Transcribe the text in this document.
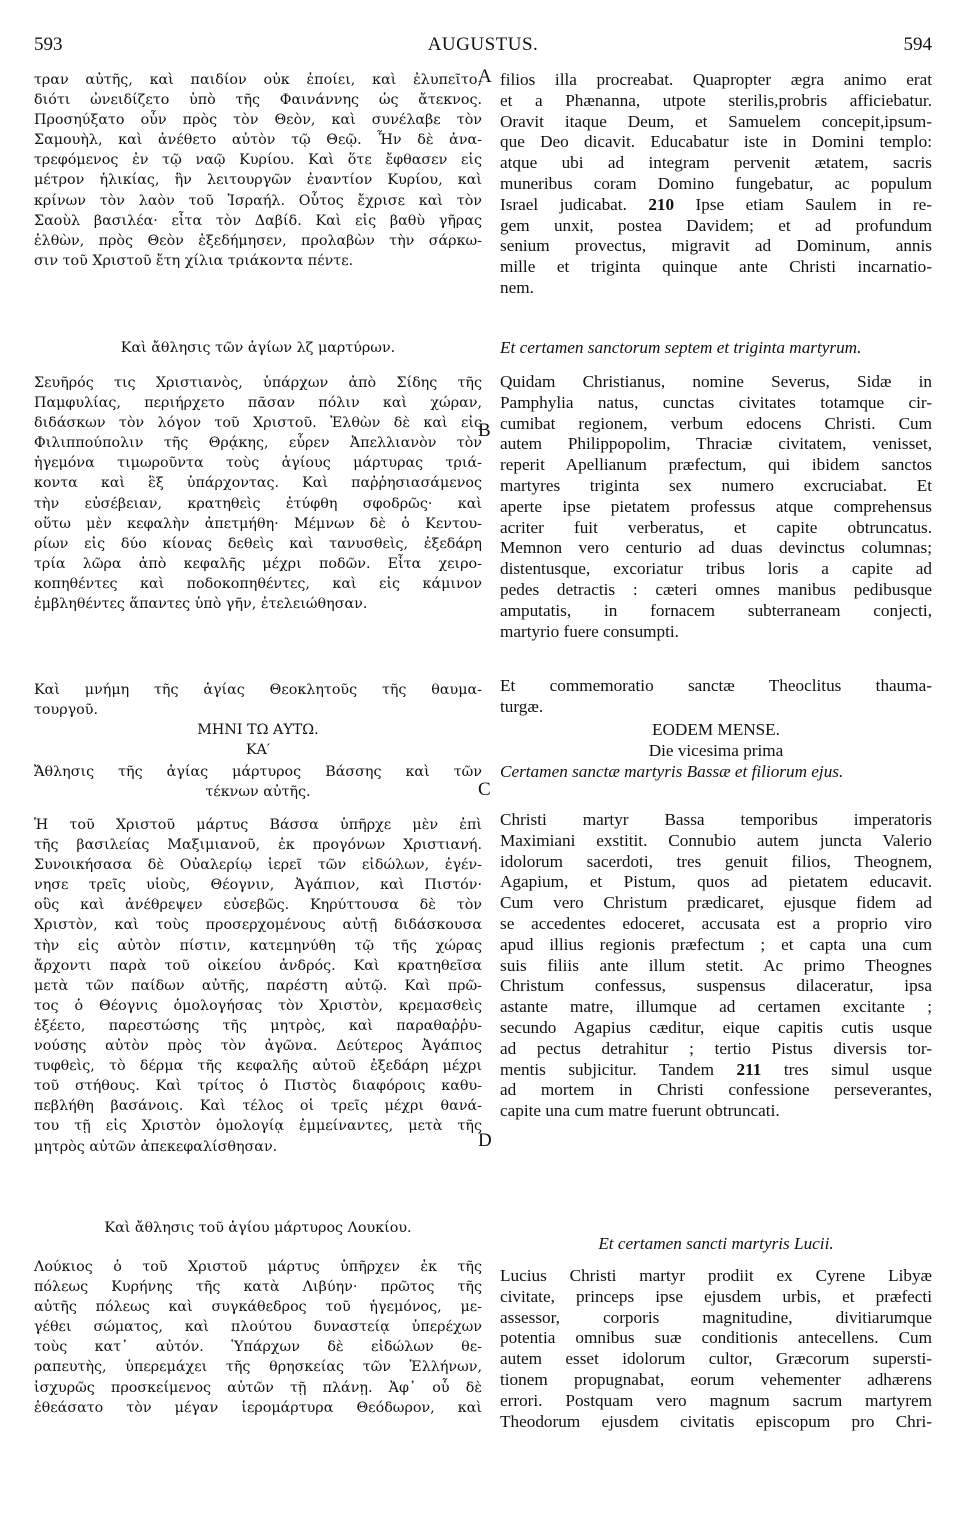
593	AUGUSTUS.	594
A
B
C
D
τραν αὐτῆς, καὶ παιδίον οὐκ ἐποίει, καὶ ἐλυπεῖτο,
διότι ὠνειδίζετο ὑπὸ τῆς Φαινάννης ὡς ἄτεκνος.
Προσηύξατο οὖν πρὸς τὸν Θεὸν, καὶ συνέλαβε τὸν
Σαμουὴλ, καὶ ἀνέθετο αὐτὸν τῷ Θεῷ. Ἦν δὲ ἀνα-
τρεφόμενος ἐν τῷ ναῷ Κυρίου. Καὶ ὅτε ἔφθασεν εἰς
μέτρον ἡλικίας, ἣν λειτουργῶν ἐναντίον Κυρίου, καὶ
κρίνων τὸν λαὸν τοῦ Ἰσραήλ. Οὗτος ἔχρισε καὶ τὸν
Σαοὺλ βασιλέα· εἶτα τὸν Δαβίδ. Καὶ εἰς βαθὺ γῆρας
ἐλθὼν, πρὸς Θεὸν ἐξεδήμησεν, προλαβὼν τὴν σάρκω-
σιν τοῦ Χριστοῦ ἔτη χίλια τριάκοντα πέντε.
Καὶ ἄθλησις τῶν ἁγίων λζ μαρτύρων.
Σευῆρός τις Χριστιανὸς, ὑπάρχων ἀπὸ Σίδης τῆς
Παμφυλίας, περιήρχετο πᾶσαν πόλιν καὶ χώραν,
διδάσκων τὸν λόγον τοῦ Χριστοῦ. Ἐλθὼν δὲ καὶ εἰς
Φιλιππούπολιν τῆς Θρᾴκης, εὗρεν Ἀπελλιανὸν τὸν
ἡγεμόνα τιμωροῦντα τοὺς ἁγίους μάρτυρας τριά-
κοντα καὶ ἓξ ὑπάρχοντας. Καὶ παῤῥησιασάμενος
τὴν εὐσέβειαν, κρατηθεὶς ἐτύφθη σφοδρῶς· καὶ
οὕτω μὲν κεφαλὴν ἀπετμήθη· Μέμνων δὲ ὁ Κεντου-
ρίων εἰς δύο κίονας δεθεὶς καὶ τανυσθεὶς, ἐξεδάρη
τρία λῶρα ἀπὸ κεφαλῆς μέχρι ποδῶν. Εἶτα χειρο-
κοπηθέντες καὶ ποδοκοπηθέντες, καὶ εἰς κάμινον
ἐμβληθέντες ἅπαντες ὑπὸ γῆν, ἐτελειώθησαν.
Καὶ μνήμη τῆς ἁγίας Θεοκλητοῦς τῆς θαυμα-
τουργοῦ.
ΜΗΝΙ ΤΩ ΑΥΤΩ.
ΚΑ′
Ἄθλησις τῆς ἁγίας μάρτυρος Βάσσης καὶ τῶν
τέκνων αὐτῆς.
Ἡ τοῦ Χριστοῦ μάρτυς Βάσσα ὑπῆρχε μὲν ἐπὶ
τῆς βασιλείας Μαξιμιανοῦ, ἐκ προγόνων Χριστιανή.
Συνοικήσασα δὲ Οὐαλερίῳ ἱερεῖ τῶν εἰδώλων, ἐγέν-
νησε τρεῖς υἱοὺς, Θέογνιν, Ἀγάπιον, καὶ Πιστόν·
οὓς καὶ ἀνέθρεψεν εὐσεβῶς. Κηρύττουσα δὲ τὸν
Χριστὸν, καὶ τοὺς προσερχομένους αὐτῇ διδάσκουσα
τὴν εἰς αὐτὸν πίστιν, κατεμηνύθη τῷ τῆς χώρας
ἄρχοντι παρὰ τοῦ οἰκείου ἀνδρός. Καὶ κρατηθεῖσα
μετὰ τῶν παίδων αὐτῆς, παρέστη αὐτῷ. Καὶ πρῶ-
τος ὁ Θέογνις ὁμολογήσας τὸν Χριστὸν, κρεμασθεὶς
ἐξέετο, παρεστώσης τῆς μητρὸς, καὶ παραθαῤῥυ-
νούσης αὐτὸν πρὸς τὸν ἀγῶνα. Δεύτερος Ἀγάπιος
τυφθεὶς, τὸ δέρμα τῆς κεφαλῆς αὐτοῦ ἐξεδάρη μέχρι
τοῦ στήθους. Καὶ τρίτος ὁ Πιστὸς διαφόροις καθυ-
πεβλήθη βασάνοις. Καὶ τέλος οἱ τρεῖς μέχρι θανά-
του τῇ εἰς Χριστὸν ὁμολογίᾳ ἐμμείναντες, μετὰ τῆς
μητρὸς αὐτῶν ἀπεκεφαλίσθησαν.
Καὶ ἄθλησις τοῦ ἁγίου μάρτυρος Λουκίου.
Λούκιος ὁ τοῦ Χριστοῦ μάρτυς ὑπῆρχεν ἐκ τῆς
πόλεως Κυρήνης τῆς κατὰ Λιβύην· πρῶτος τῆς
αὐτῆς πόλεως καὶ συγκάθεδρος τοῦ ἡγεμόνος, με-
γέθει σώματος, καὶ πλούτου δυναστείᾳ ὑπερέχων
τοὺς κατ᾽ αὐτόν. Ὑπάρχων δὲ εἰδώλων θε-
ραπευτὴς, ὑπερεμάχει τῆς θρησκείας τῶν Ἑλλήνων,
ἰσχυρῶς προσκείμενος αὐτῶν τῇ πλάνῃ. Ἀφ᾽ οὗ δὲ
ἐθεάσατο τὸν μέγαν ἱερομάρτυρα Θεόδωρον, καὶ
filios illa procreabat. Quapropter ægra animo erat
et a Phænanna, utpote sterilis,probris afficiebatur.
Oravit itaque Deum, et Samuelem concepit,ipsum-
que Deo dicavit. Educabatur iste in Domini templo:
atque ubi ad integram pervenit ætatem, sacris
muneribus coram Domino fungebatur, ac populum
Israel judicabat. 210 Ipse etiam Saulem in re-
gem unxit, postea Davidem; et ad profundum
senium provectus, migravit ad Dominum, annis
mille et triginta quinque ante Christi incarnatio-
nem.
Et certamen sanctorum septem et triginta martyrum.
Quidam Christianus, nomine Severus, Sidæ in
Pamphylia natus, cunctas civitates totamque cir-
cumibat regionem, verbum edocens Christi. Cum
autem Philippopolim, Thraciæ civitatem, venisset,
reperit Apellianum præfectum, qui ibidem sanctos
martyres triginta sex numero excruciabat. Et
aperte ipse pietatem professus atque comprehensus
acriter fuit verberatus, et capite obtruncatus.
Memnon vero centurio ad duas devinctus columnas;
distentusque, excoriatur tribus loris a capite ad
pedes detractis : cæteri omnes manibus pedibusque
amputatis, in fornacem subterraneam conjecti,
martyrio fuere consumpti.
Et commemoratio sanctæ Theoclitus thauma-
turgæ.
EODEM MENSE.
Die vicesima prima
Certamen sanctæ martyris Bassæ et filiorum ejus.
Christi martyr Bassa temporibus imperatoris
Maximiani exstitit. Connubio autem juncta Valerio
idolorum sacerdoti, tres genuit filios, Theognem,
Agapium, et Pistum, quos ad pietatem educavit.
Cum vero Christum prædicaret, ejusque fidem ad
se accedentes edoceret, accusata est a proprio viro
apud illius regionis præfectum ; et capta una cum
suis filiis ante illum stetit. Ac primo Theognes
Christum confessus, suspensus dilaceratur, ipsa
astante matre, illumque ad certamen excitante ;
secundo Agapius cæditur, eique capitis cutis usque
ad pectus detrahitur ; tertio Pistus diversis tor-
mentis subjicitur. Tandem 211 tres simul usque
ad mortem in Christi confessione perseverantes,
capite una cum matre fuerunt obtruncati.
Et certamen sancti martyris Lucii.
Lucius Christi martyr prodiit ex Cyrene Libyæ
civitate, princeps ipse ejusdem urbis, et præfecti
assessor, corporis magnitudine, divitiarumque
potentia omnibus suæ conditionis antecellens. Cum
autem esset idolorum cultor, Græcorum supersti-
tionem propugnabat, eorum vehementer adhærens
errori. Postquam vero magnum sacrum martyrem
Theodorum ejusdem civitatis episcopum pro Chri-
